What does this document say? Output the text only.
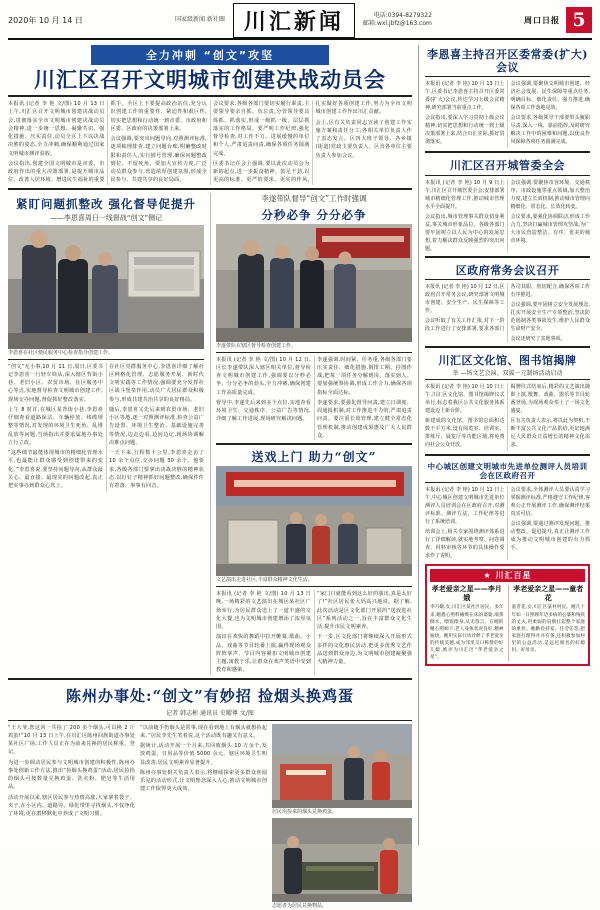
2020年 10 月 14 日	国家级新闻 新社圈 川汇新闻	电话:0​3​9​4​-​8​2​7​9​3​2​2
邮箱:wxl.jbfz@163.com	周口日报 5
全力冲刺 “创文”攻坚
川汇区召开文明城市创建决战动员会

本报讯 (记者 李 艳 文/图) 10 月 13 日上午,川汇区召开文明城市创建决战动员会,贯彻落实全市文明城市创建决战动员会精神,进一步统一思想、凝聚共识、强化措施、压实责任,动员全区上下以决战决胜的姿态,全力冲刺,确保顺利通过国家文明城市测评验收。

会议指出,创建全国文明城市是市委、市政府作出的重大决策部署,是提升城市品位、改善人居环境、增进民生福祉的重要抓手。全区上下要提高政治站位,充分认识创建工作的重要性、紧迫性和艰巨性,切实把思想和行动统一到市委、市政府和区委、区政府的决策部署上来。

会议强调,要突出问题导向,对照测评标准,逐项梳理排查,建立问题台账,明确整改时限和责任人,实行销号管理,确保问题整改到位、不留死角。要加大宣传力度,广泛动员群众参与,营造浓厚创建氛围,形成全民参与、共建共享的良好局面。

会议要求,各级各部门要切实履行职责,主要领导要亲自抓、负总责,分管领导要具体抓、抓落实,形成一级抓一级、层层抓落实的工作格局。要严明工作纪律,强化督导检查,对工作不力、进展缓慢的单位和个人,严肃追责问责,确保各项任务圆满完成。

区委书记在会上强调,要以此次动员会为新的起点,进一步振奋精神、鼓足干劲,以更高的标准、更严的要求、更实的作风,扎实做好各项创建工作,努力为全市文明城市创建工作作出川汇贡献。

会上,区有关负责同志宣读了创建工作实施方案和责任分工,各相关单位负责人作了表态发言。区四大班子领导、各乡镇(街道)党政主要负责人、区直各单位主要负责人参加会议。

紧盯问题抓整改 强化督导促提升
——李恩喜周日一线督战“创文”侧记
李恩喜在社区便民服务中心检查指导创建工作。

“创文”无小事,10 月 11 日,周日,区委书记李恩喜一行轻车简从,深入辖区背街小巷、老旧小区、农贸市场、社区服务中心等点,实地督导检查文明城市创建工作,现场交办问题,督促抓好整改落实。

上午 8 时许,在城区某背街小巷,李恩喜仔细查看道路保洁、车辆停放、线缆规整等情况,对发现的环境卫生死角、乱堆乱放等问题,当场指出并要求属地办事处立行立改。

“这些细节最能体现城市的精细化管理水平,也最能让群众感受到创建带来的变化。”李恩喜说,要坚持问题导向,从群众最关心、最直接、最现实的问题改起,真正把实事办到群众心坎上。

在社区党群服务中心,李恩喜详细了解社区网格化管理、志愿服务开展、新时代文明实践等工作情况,强调要充分发挥社区战斗堡垒作用,动员广大居民群众积极参与,形成共建共治共享的良好格局。

随后,李恩喜又先后来到农贸市场、老旧小区等地,逐一对照测评标准,检查公益广告设置、环境卫生整治、基础设施完善等情况,边走边看,边问边记,现场协调解决难点问题。

一天下来,行程数十公里,李恩喜走访了 10 余个点位,交办问题 30 余个。他要求,各级各部门要拿出决战决胜的精神状态,以钉钉子精神抓好问题整改,确保件件有着落、事事有回音。

李遂带队督导“创文”工作时强调
分秒必争 分分必争
李遂带队在辖区督导检查创建工作。

本报讯 (记者 李 艳 文/图) 10 月 12 日,区长李遂带队深入辖区相关单位,督导检查文明城市创建工作,强调要以分秒必争、分分必争的劲头,全力冲刺,确保创建工作高质量完成。

督导中,李遂先后来到多个点位,实地查看环境卫生、交通秩序、公益广告等情况,详细了解工作进展,现场研究解决问题。

李遂强调,时间紧、任务重,各级各部门要压实责任、细化措施,倒排工期、挂图作战,把每一项任务分解到岗、落实到人。要加强统筹协调,形成工作合力,确保各项指标全面达标。

李遂要求,要强化督导问责,建立日调度、周通报机制,对工作推进不力的,严肃追责问责。要注重长效管理,建立健全常态化管理机制,推动创建成果惠及广大人民群众。

送戏上门 助力“创文”
文艺演出走进社区,丰富群众精神文化生活。

本报讯 (记者 李 艳 文/图) 10 月 13 日晚,一场精彩的文艺演出在城区某社区广场举行,为居民群众送上了一道丰盛的文化大餐,也为文明城市创建增添了浓厚氛围。

演出在欢快的舞蹈中拉开帷幕,歌曲、小品、戏曲等节目轮番上演,赢得现场观众阵阵掌声。节目内容紧扣文明城市创建主题,寓教于乐,让群众在欢声笑语中受到教育和感染。

“家门口就能看到这么好的演出,真是太好了!”社区居民张大妈高兴地说。据了解,此次活动是区文化部门开展的“送戏进社区”系列活动之一,旨在丰富群众文化生活,提升市民文明素养。

下一步,区文化部门将继续深入开展形式多样的文化惠民活动,把更多优秀文艺作品送到群众身边,为文明城市创建凝聚强大精神力量。

陈州办事处:“创文”有妙招 捡烟头换鸡蛋
记者 韩志彬 通讯员 史曜尊 文/图

“王大爷,您这回一共捡了 200 多个烟头,可以换 2 斤鸡蛋!”10 月 13 日上午,在川汇区陈州回族街道办事处某社区广场,工作人员正在为前来兑换的居民称重、登记。

为进一步调动居民参与文明城市创建的积极性,陈州办事处创新工作方法,推出“捡烟头换鸡蛋”活动,居民捡拾的烟头可按数量兑换鸡蛋、洗衣粉、肥皂等生活用品。

活动开展以来,辖区居民参与热情高涨,大家拿着袋子、夹子,在小区内、道路旁、绿化带里寻找烟头,不仅净化了环境,更在潜移默化中养成了文明习惯。

“以前随手扔烟头是常事,现在看到地上有烟头就想捡起来。”居民李先生笑着说,这个活动既有趣又有意义。

据统计,活动开展一个月来,共回收烟头 10 万余个,发放鸡蛋、日用品等价值 5000 余元。辖区环境卫生明显改善,居民文明素养显著提升。

陈州办事处相关负责人表示,将继续探索更多群众喜闻乐见的活动形式,让文明理念深入人心,推动文明城市创建工作取得更大成效。

居民用捡来的烟头兑换鸡蛋。
志愿者为居民兑换物品。
李恩喜主持召开区委常委(扩大)会议

本报讯 (记者 李 艳) 10 月 13 日上午,区委书记李恩喜主持召开区委常委(扩大)会议,传达学习上级会议精神,研究部署当前重点工作。

会议指出,要深入学习贯彻上级会议精神,切实把思想和行动统一到上级决策部署上来,结合川汇实际,抓好贯彻落实。

会议强调,要聚焦文明城市创建、经济社会发展、民生保障等重点任务,明确目标、细化责任、强力推进,确保各项工作落地见效。

会议要求,各级领导干部要带头履职尽责,深入一线、靠前指挥,及时研究解决工作中的困难和问题,以优良作风保障各项任务圆满完成。

川汇区召开城管委全会

本报讯 (记者 李 艳) 10 月 9 日上午,川汇区召开城管委全会,安排部署城市精细化管理工作,推动城市管理水平全面提升。

会议指出,城市管理事关群众切身利益,事关城市形象品位。各级各部门要牢固树立以人民为中心的发展思想,着力解决群众反映强烈的突出问题。

会议强调,要聚焦市容环境、交通秩序、市政设施等重点领域,加大整治力度,建立长效机制,推动城市管理向精细化、常态化、长效化转变。

会议要求,要强化协调联动,形成工作合力,坚决打赢城市管理攻坚战,为广大市民营造整洁、有序、优美的城市环境。

区政府常务会议召开

本报讯 (记者 李 艳) 10 月 12 日,区政府召开常务会议,研究部署文明城市创建、安全生产、民生保障等工作。

会议听取了有关工作汇报,对下一阶段工作进行了安排部署,要求各部门各司其职、密切配合,确保各项工作有序推进。

会议强调,要牢固树立安全发展理念,扎实开展安全生产专项整治,坚决防范遏制各类事故发生,维护人民群众生命财产安全。

会议还研究了其他事项。

川汇区文化馆、图书馆揭牌
举 —场文艺会演、双翼一元制场活动启动

本报讯 (记者 李 艳) 10 月 10 日上午,川汇区文化馆、图书馆揭牌仪式举行,标志着我区公共文化服务体系建设迈上新台阶。

新建成的文化馆、图书馆总面积达数千平方米,设有阅览室、培训室、排练厅、展览厅等功能区域,将免费向社会公众开放。

揭牌仪式结束后,精彩的文艺演出随即上演,歌舞、戏曲、器乐等节目轮番登场,为现场观众奉上了一场文化盛宴。

区有关负责人表示,将以此为契机,不断丰富公共文化产品供给,更好地满足人民群众日益增长的精神文化需求。

中心城区创建文明城市先进单位测评人员培训会在区政府召开

本报讯 (记者 李 艳) 10 月 11 日上午,中心城区创建文明城市先进单位测评人员培训会在区政府召开,对测评标准、测评方法、工作纪律等进行了系统培训。

培训会上,相关专家围绕测评体系进行了详细解读,就实地考察、问卷调查、材料审核等环节的具体操作要求作了说明。

会议要求,全体测评人员要认真学习掌握测评标准,严格遵守工作纪律,客观公正开展测评工作,确保测评结果真实可信。

会议强调,要通过测评发现问题、推动整改、促进提升,真正让测评工作成为推动文明城市创建的有力抓手。

★ 川汇百星
孝老爱亲之星——李月娥
李月娥,女,川汇区某社区居民。多年来,她悉心照料瘫痪在床的婆婆,端茶倒水、喂饭擦身,从无怨言。在她的精心照顾下,老人身体状况良好,精神愉快。她用实际行动诠释了孝老爱亲的传统美德,成为邻里交口称赞的好儿媳,被评为川汇区“孝老爱亲之星”。
孝老爱亲之星——童者花
童者花,女,川汇区某村村民。她几十年如一日照顾年迈多病的公婆和残疾的丈夫,用柔弱的肩膀扛起整个家庭的重担。她勤俭持家、任劳任怨,把家庭打理得井井有条,还积极参加村里的公益活动,是远近闻名的好媳妇、好母亲。
